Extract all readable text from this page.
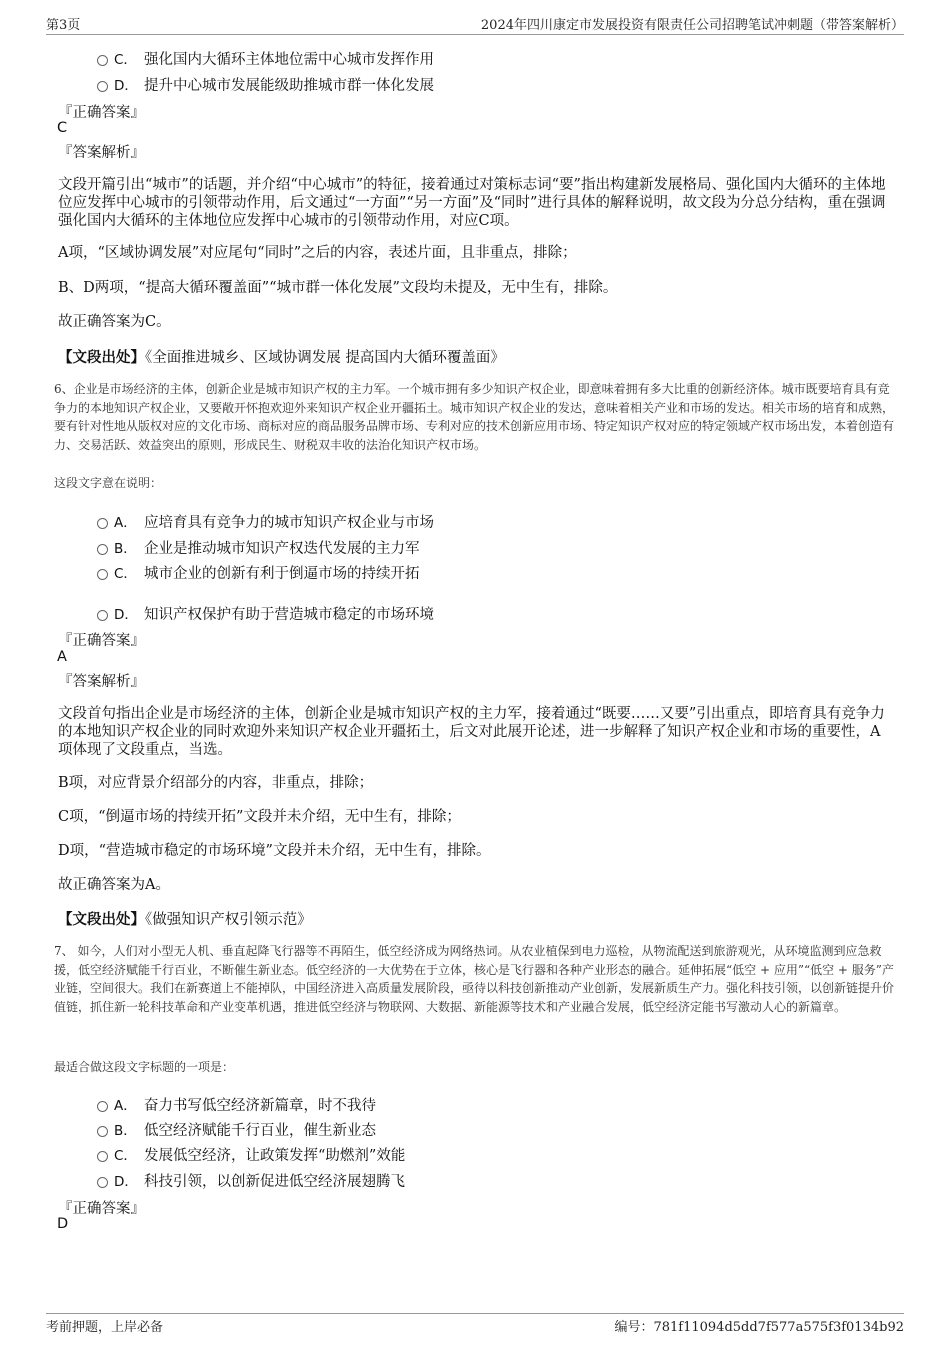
第3页	2024年四川康定市发展投资有限责任公司招聘笔试冲刺题（带答案解析）
C． 强化国内大循环主体地位需中心城市发挥作用
D． 提升中心城市发展能级助推城市群一体化发展
『正确答案』
C
『答案解析』
文段开篇引出“城市”的话题，并介绍“中心城市”的特征，接着通过对策标志词“要”指出构建新发展格局、强化国内大循环的主体地位应发挥中心城市的引领带动作用，后文通过“一方面”“另一方面”及“同时”进行具体的解释说明，故文段为分总分结构，重在强调强化国内大循环的主体地位应发挥中心城市的引领带动作用，对应C项。
A项，“区域协调发展”对应尾句“同时”之后的内容，表述片面，且非重点，排除；
B、D两项，“提高大循环覆盖面”“城市群一体化发展”文段均未提及，无中生有，排除。
故正确答案为C。
【文段出处】《全面推进城乡、区域协调发展 提高国内大循环覆盖面》
6、企业是市场经济的主体，创新企业是城市知识产权的主力军。一个城市拥有多少知识产权企业，即意味着拥有多大比重的创新经济体。城市既要培育具有竞争力的本地知识产权企业，又要敞开怀抱欢迎外来知识产权企业开疆拓土。城市知识产权企业的发达，意味着相关产业和市场的发达。相关市场的培育和成熟，要有针对性地从版权对应的文化市场、商标对应的商品服务品牌市场、专利对应的技术创新应用市场、特定知识产权对应的特定领域产权市场出发，本着创造有力、交易活跃、效益突出的原则，形成民生、财税双丰收的法治化知识产权市场。
这段文字意在说明：
A． 应培育具有竞争力的城市知识产权企业与市场
B． 企业是推动城市知识产权迭代发展的主力军
C． 城市企业的创新有利于倒逼市场的持续开拓
D． 知识产权保护有助于营造城市稳定的市场环境
『正确答案』
A
『答案解析』
文段首句指出企业是市场经济的主体，创新企业是城市知识产权的主力军，接着通过“既要……又要”引出重点，即培育具有竞争力的本地知识产权企业的同时欢迎外来知识产权企业开疆拓土，后文对此展开论述，进一步解释了知识产权企业和市场的重要性，A项体现了文段重点，当选。
B项，对应背景介绍部分的内容，非重点，排除；
C项，“倒逼市场的持续开拓”文段并未介绍，无中生有，排除；
D项，“营造城市稳定的市场环境”文段并未介绍，无中生有，排除。
故正确答案为A。
【文段出处】《做强知识产权引领示范》
7、 如今，人们对小型无人机、垂直起降飞行器等不再陌生，低空经济成为网络热词。从农业植保到电力巡检，从物流配送到旅游观光，从环境监测到应急救援，低空经济赋能千行百业，不断催生新业态。低空经济的一大优势在于立体，核心是飞行器和各种产业形态的融合。延伸拓展“低空 + 应用”“低空 + 服务”产业链，空间很大。我们在新赛道上不能掉队，中国经济进入高质量发展阶段，亟待以科技创新推动产业创新，发展新质生产力。强化科技引领，以创新链提升价值链，抓住新一轮科技革命和产业变革机遇，推进低空经济与物联网、大数据、新能源等技术和产业融合发展，低空经济定能书写激动人心的新篇章。
最适合做这段文字标题的一项是：
A． 奋力书写低空经济新篇章，时不我待
B． 低空经济赋能千行百业，催生新业态
C． 发展低空经济，让政策发挥“助燃剂”效能
D． 科技引领，以创新促进低空经济展翅腾飞
『正确答案』
D
考前押题，上岸必备	编号：781f11094d5dd7f577a575f3f0134b92
